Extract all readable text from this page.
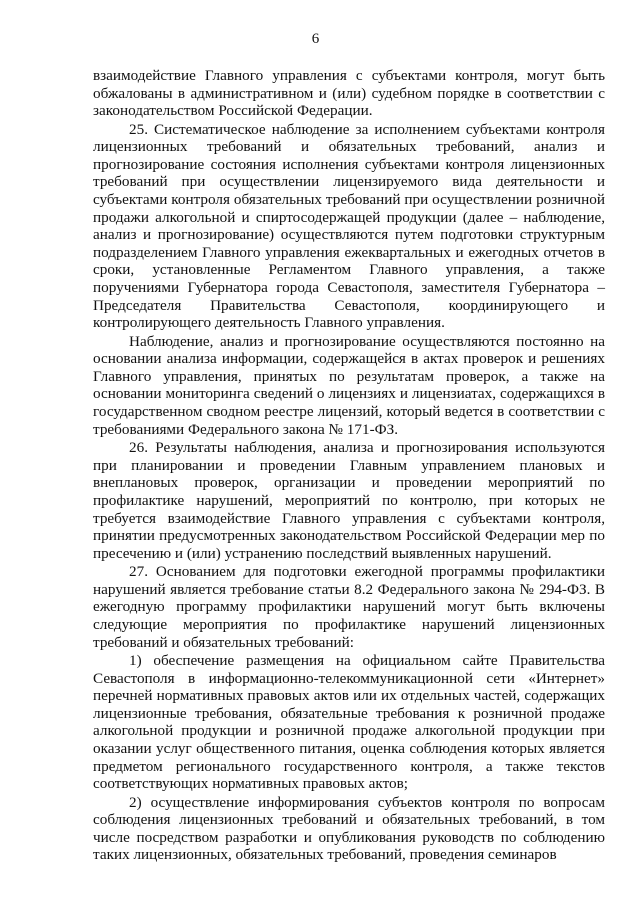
6

взаимодействие Главного управления с субъектами контроля, могут быть обжалованы в административном и (или) судебном порядке в соответствии с законодательством Российской Федерации.

25. Систематическое наблюдение за исполнением субъектами контроля лицензионных требований и обязательных требований, анализ и прогнозирование состояния исполнения субъектами контроля лицензионных требований при осуществлении лицензируемого вида деятельности и субъектами контроля обязательных требований при осуществлении розничной продажи алкогольной и спиртосодержащей продукции (далее – наблюдение, анализ и прогнозирование) осуществляются путем подготовки структурным подразделением Главного управления ежеквартальных и ежегодных отчетов в сроки, установленные Регламентом Главного управления, а также поручениями Губернатора города Севастополя, заместителя Губернатора – Председателя Правительства Севастополя, координирующего и контролирующего деятельность Главного управления.

Наблюдение, анализ и прогнозирование осуществляются постоянно на основании анализа информации, содержащейся в актах проверок и решениях Главного управления, принятых по результатам проверок, а также на основании мониторинга сведений о лицензиях и лицензиатах, содержащихся в государственном сводном реестре лицензий, который ведется в соответствии с требованиями Федерального закона № 171-ФЗ.

26. Результаты наблюдения, анализа и прогнозирования используются при планировании и проведении Главным управлением плановых и внеплановых проверок, организации и проведении мероприятий по профилактике нарушений, мероприятий по контролю, при которых не требуется взаимодействие Главного управления с субъектами контроля, принятии предусмотренных законодательством Российской Федерации мер по пресечению и (или) устранению последствий выявленных нарушений.

27. Основанием для подготовки ежегодной программы профилактики нарушений является требование статьи 8.2 Федерального закона № 294-ФЗ. В ежегодную программу профилактики нарушений могут быть включены следующие мероприятия по профилактике нарушений лицензионных требований и обязательных требований:

1) обеспечение размещения на официальном сайте Правительства Севастополя в информационно-телекоммуникационной сети «Интернет» перечней нормативных правовых актов или их отдельных частей, содержащих лицензионные требования, обязательные требования к розничной продаже алкогольной продукции и розничной продаже алкогольной продукции при оказании услуг общественного питания, оценка соблюдения которых является предметом регионального государственного контроля, а также текстов соответствующих нормативных правовых актов;

2) осуществление информирования субъектов контроля по вопросам соблюдения лицензионных требований и обязательных требований, в том числе посредством разработки и опубликования руководств по соблюдению таких лицензионных, обязательных требований, проведения семинаров
